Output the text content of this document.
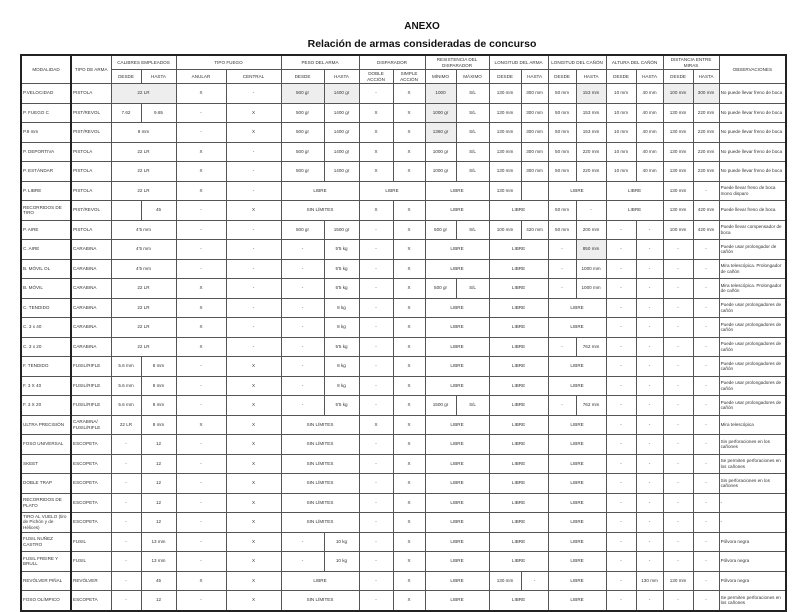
ANEXO
Relación de armas consideradas de concurso
MODALIDAD	TIPO DE ARMA	CALIBRES EMPLEADOS		TIPO FUEGO		PESO DEL ARMA		DISPARADOR		RESISTENCIA DEL DISPARADOR		LONGITUD DEL ARMA		LONGITUD DEL CAÑÓN		ALTURA DEL CAÑÓN		DISTANCIA ENTRE MIRAS		OBSERVACIONES
		DESDE	HASTA	ANULAR	CENTRAL	DESDE	HASTA	DOBLE ACCIÓN	SIMPLE ACCIÓN	MÍNIMO	MÁXIMO	DESDE	HASTA	DESDE	HASTA	DESDE	HASTA	DESDE	HASTA	
P.VELOCIDAD	PISTOLA	22 LR		X	-	500 gr	1400 gr	-	X	1000	S/L	130 mm	300 mm	50 mm	153 mm	10 mm	40 mm	100 mm	300 mm	No puede llevar freno de boca
P. FUEGO C	PIST/REVOL	7.62	9.65	-	X	500 gr	1400 gr	X	X	1000 gr	S/L	130 mm	300 mm	50 mm	153 mm	10 mm	40 mm	130 mm	220 mm	No puede llevar freno de boca
P.9 mm	PIST/REVOL	9 mm		-	X	500 gr	1400 gr	X	X	1360 gr	S/L	130 mm	300 mm	50 mm	153 mm	10 mm	40 mm	130 mm	220 mm	No puede llevar freno de boca
P. DEPORTIVA	PISTOLA	22 LR		X	-	500 gr	1400 gr	X	X	1000 gr	S/L	130 mm	300 mm	50 mm	220 mm	10 mm	40 mm	130 mm	220 mm	No puede llevar freno de boca
P. ESTÁNDAR	PISTOLA	22 LR		X	-	500 gr	1400 gr	X	X	1000 gr	S/L	130 mm	300 mm	50 mm	220 mm	10 mm	40 mm	130 mm	220 mm	No puede llevar freno de boca
P. LIBRE	PISTOLA	22 LR		X	-	LIBRE		LIBRE		LIBRE		130 mm		LIBRE		LIBRE		130 mm	-	Puede llevar freno de boca mono disparo
RECORRIDOS DE TIRO	PIST/REVOL		45	-	X	SIN LÍMITES		X	X	LIBRE		LIBRE		50 mm	-	LIBRE		130 mm	420 mm	Puede llevar freno de boca
P. AIRE	PISTOLA	4'5 mm		-	-	500 gr	1500 gr	-	X	500 gr	S/L	100 mm	420 mm	50 mm	200 mm	-	-	100 mm	420 mm	Puede llevar compensador de boca
C. AIRE	CARABINA	4'5 mm		-	-	-	5'5 kg	-	X	LIBRE		LIBRE		-	850 mm	-	-	-	-	Puede usar prolongador de cañón
B. MÓVIL OL	CARABINA	4'5 mm		-	-	-	5'5 kg	-	X	LIBRE		LIBRE		-	1000 mm	-	-	-	-	Mira telescópica. Prolongador de cañón
B. MÓVIL	CARABINA	22 LR		X	-	-	5'5 kg	-	X	500 gr	S/L	LIBRE		-	1000 mm	-	-	-	-	Mira telescópica. Prolongador de cañón
C. TENDIDO	CARABINA	22 LR		X	-	-	8 kg	-	X	LIBRE		LIBRE		LIBRE		-	-	-	-	Puede usar prolongadores de cañón
C. 3 x 40	CARABINA	22 LR		X	-	-	8 kg	-	X	LIBRE		LIBRE		LIBRE		-	-	-	-	Puede usar prolongadores de cañón
C. 3 x 20	CARABINA	22 LR		X	-	-	5'5 kg	-	X	LIBRE		LIBRE		-	762 mm	-	-	-	-	Puede usar prolongadores de cañón
F. TENDIDO	FUSIL/RIFLE	5.6 mm	8 mm	-	X	-	8 kg	-	X	LIBRE		LIBRE		LIBRE		-	-	-	-	Puede usar prolongadores de cañón
F. 3 X 40	FUSIL/RIFLE	5.6 mm	8 mm	-	X	-	8 kg	-	X	LIBRE		LIBRE		LIBRE		-	-	-	-	Puede usar prolongadores de cañón
F. 3 X 20	FUSIL/RIFLE	5.6 mm	8 mm	-	X	-	5'5 kg	-	X	1500 gr	S/L	LIBRE		-	762 mm	-	-	-	-	Puede usar prolongadores de cañón
ULTRA PRECISIÓN	CARABINA/ FUSIL/RIFLE	22 LR	8 mm	X	X	SIN LÍMITES		X	X	LIBRE		LIBRE		LIBRE		-	-	-	-	Mira telescópica
FOSO UNIVERSAL	ESCOPETA	-	12	-	X	SIN LÍMITES		-	X	LIBRE		LIBRE		LIBRE		-	-	-	-	Sin perforaciones en los cañones
SKEET	ESCOPETA	-	12	-	X	SIN LÍMITES		-	X	LIBRE		LIBRE		LIBRE		-	-	-	-	Se permiten perforaciones en los cañones
DOBLE TRAP	ESCOPETA	-	12	-	X	SIN LÍMITES		-	X	LIBRE		LIBRE		LIBRE		-	-	-	-	Sin perforaciones en los cañones
RECORRIDOS DE PLATO	ESCOPETA	-	12	-	X	SIN LÍMITES		-	X	LIBRE		LIBRE		LIBRE		-	-	-	-	-
TIRO AL VUELO (tiro de Pichón y de Hélices)	ESCOPETA	-	12	-	X	SIN LÍMITES		-	X	LIBRE		LIBRE		LIBRE		-	-	-	-	-
FUSIL NUÑEZ CASTRO	FUSIL	-	13 mm	-	X	-	10 kg	-	X	LIBRE		LIBRE		LIBRE		-	-	-	-	Pólvora negra
FUSIL FREIRE Y BRULL	FUSIL	-	13 mm	-	X	-	10 kg	-	X	LIBRE		LIBRE		LIBRE		-	-	-	-	Pólvora negra
REVÓLVER PIÑAL	REVÓLVER	-	45	X	X	LIBRE		-	X	LIBRE		130 mm	-	LIBRE		-	130 mm	130 mm	-	Pólvora negra
FOSO OLÍMPICO	ESCOPETA	-	12	-	X	SIN LÍMITES		-	X	LIBRE		LIBRE		LIBRE		-	-	-	-	Se permiten perforaciones en los cañones
